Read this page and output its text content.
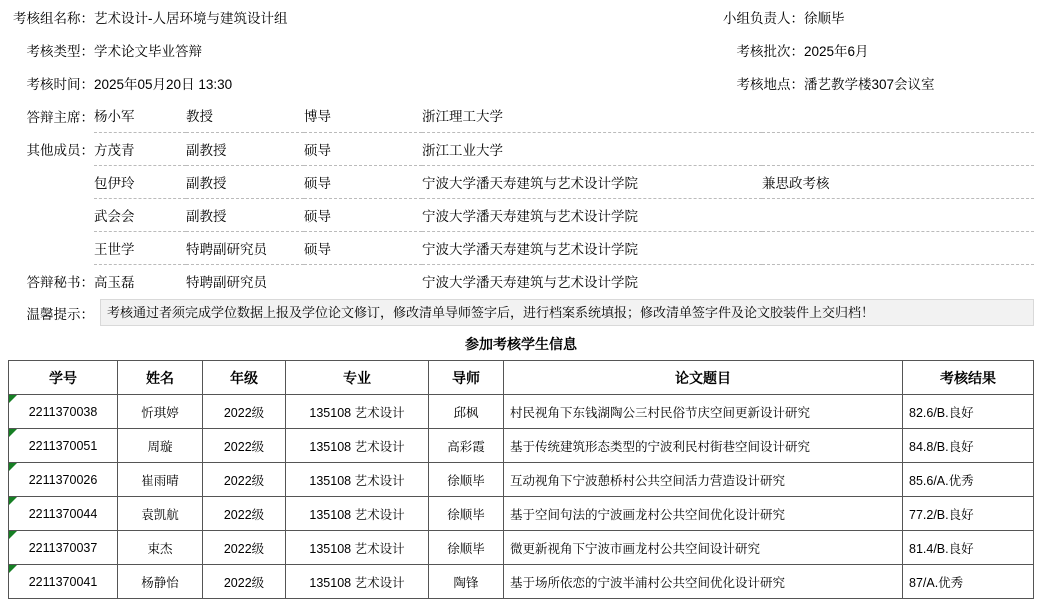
考核组名称：	艺术设计-人居环境与建筑设计组	小组负责人：	徐顺毕
考核类型：	学术论文毕业答辩	考核批次：	2025年6月
考核时间：	2025年05月20日 13:30	考核地点：	潘艺教学楼307会议室
答辩主席：	杨小军	教授	博导	浙江理工大学	
其他成员：	方茂青	副教授	硕导	浙江工业大学	
	包伊玲	副教授	硕导	宁波大学潘天寿建筑与艺术设计学院	兼思政考核
	武会会	副教授	硕导	宁波大学潘天寿建筑与艺术设计学院	
	王世学	特聘副研究员	硕导	宁波大学潘天寿建筑与艺术设计学院	
答辩秘书：	高玉磊	特聘副研究员		宁波大学潘天寿建筑与艺术设计学院	
温馨提示：	考核通过者须完成学位数据上报及学位论文修订，修改清单导师签字后，进行档案系统填报；修改清单签字件及论文胶装件上交归档！
参加考核学生信息
学号	姓名	年级	专业	导师	论文题目	考核结果

2211370038	忻琪婷	2022级	135108 艺术设计	邱枫	村民视角下东钱湖陶公三村民俗节庆空间更新设计研究	82.6/B.良好

2211370051	周璇	2022级	135108 艺术设计	高彩霞	基于传统建筑形态类型的宁波利民村街巷空间设计研究	84.8/B.良好

2211370026	崔雨晴	2022级	135108 艺术设计	徐顺毕	互动视角下宁波憩桥村公共空间活力营造设计研究	85.6/A.优秀

2211370044	袁凯航	2022级	135108 艺术设计	徐顺毕	基于空间句法的宁波画龙村公共空间优化设计研究	77.2/B.良好

2211370037	束杰	2022级	135108 艺术设计	徐顺毕	微更新视角下宁波市画龙村公共空间设计研究	81.4/B.良好

2211370041	杨静怡	2022级	135108 艺术设计	陶锋	基于场所依恋的宁波半浦村公共空间优化设计研究	87/A.优秀
